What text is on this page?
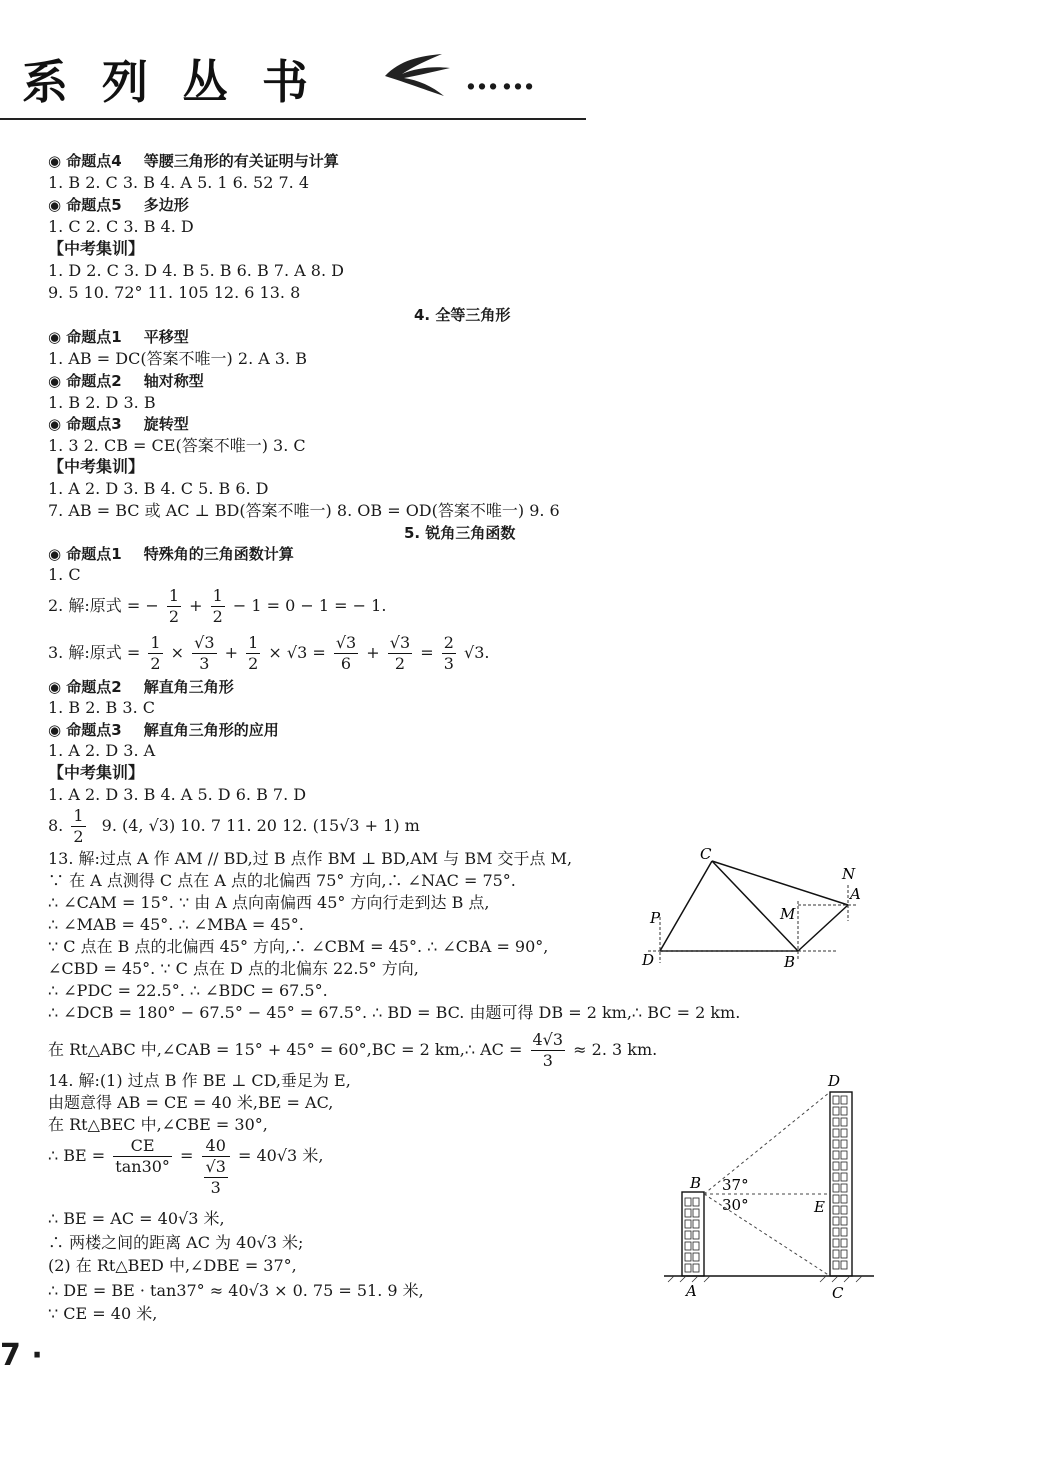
系列丛书	……
◉ 命题点4 等腰三角形的有关证明与计算
1. B 2. C 3. B 4. A 5. 1 6. 52 7. 4
◉ 命题点5 多边形
1. C 2. C 3. B 4. D
【中考集训】
1. D 2. C 3. D 4. B 5. B 6. B 7. A 8. D
9. 5 10. 72° 11. 105 12. 6 13. 8
4. 全等三角形
◉ 命题点1 平移型
1. AB = DC(答案不唯一) 2. A 3. B
◉ 命题点2 轴对称型
1. B 2. D 3. B
◉ 命题点3 旋转型
1. 3 2. CB = CE(答案不唯一) 3. C
【中考集训】
1. A 2. D 3. B 4. C 5. B 6. D
7. AB = BC 或 AC ⊥ BD(答案不唯一) 8. OB = OD(答案不唯一) 9. 6
5. 锐角三角函数
◉ 命题点1 特殊角的三角函数计算
1. C
2. 解:原式 = − $\frac{1}{2} + \frac{1}{2} - 1 = 0 - 1$ = − 1.
3. 解:原式 = $\frac{1}{2} \times \frac{√3}{3} + \frac{1}{2} \times √3 = \frac{√3}{6} + \frac{√3}{2} = \frac{2}{3} √3$.
◉ 命题点2 解直角三角形
1. B 2. B 3. C
◉ 命题点3 解直角三角形的应用
1. A 2. D 3. A
【中考集训】
1. A 2. D 3. B 4. A 5. D 6. B 7. D
8. $\frac{1}{2} 9$. (4, √3) 10. 7 11. 20 12. (15√3 + 1) m
13. 解:过点 A 作 AM // BD,过 B 点作 BM ⊥ BD,AM 与 BM 交于点 M,
∵ 在 A 点测得 C 点在 A 点的北偏西 75° 方向,∴ ∠NAC = 75°.
∴ ∠CAM = 15°. ∵ 由 A 点向南偏西 45° 方向行走到达 B 点,
∴ ∠MAB = 45°. ∴ ∠MBA = 45°.
∵ C 点在 B 点的北偏西 45° 方向,∴ ∠CBM = 45°. ∴ ∠CBA = 90°,
∠CBD = 45°. ∵ C 点在 D 点的北偏东 22.5° 方向,
∴ ∠PDC = 22.5°. ∴ ∠BDC = 67.5°.
∴ ∠DCB = 180° − 67.5° − 45° = 67.5°. ∴ BD = BC. 由题可得 DB = 2 km,∴ BC = 2 km.
在 Rt△ABC 中,∠CAB = 15° + 45° = 60°,BC = 2 km,∴ AC = $\frac{4√3}{3} \approx 2$. 3 km.
14. 解:(1) 过点 B 作 BE ⊥ CD,垂足为 E,
由题意得 AB = CE = 40 米,BE = AC,
在 Rt△BEC 中,∠CBE = 30°,
∴ BE = $\frac{CE}{\tan 30^\circ} = \frac{40}{\frac{√3}{3}} = 40√3$ 米,
∴ BE = AC = 40√3 米,
∴ 两楼之间的距离 AC 为 40√3 米;
(2) 在 Rt△BED 中,∠DBE = 37°,
∴ DE = BE · tan37° ≈ 40√3 × 0. 75 = 51. 9 米,
∵ CE = 40 米,
C
N
A
M
P
D	B
B
D
E
A	C
37°
30°
7 ·
